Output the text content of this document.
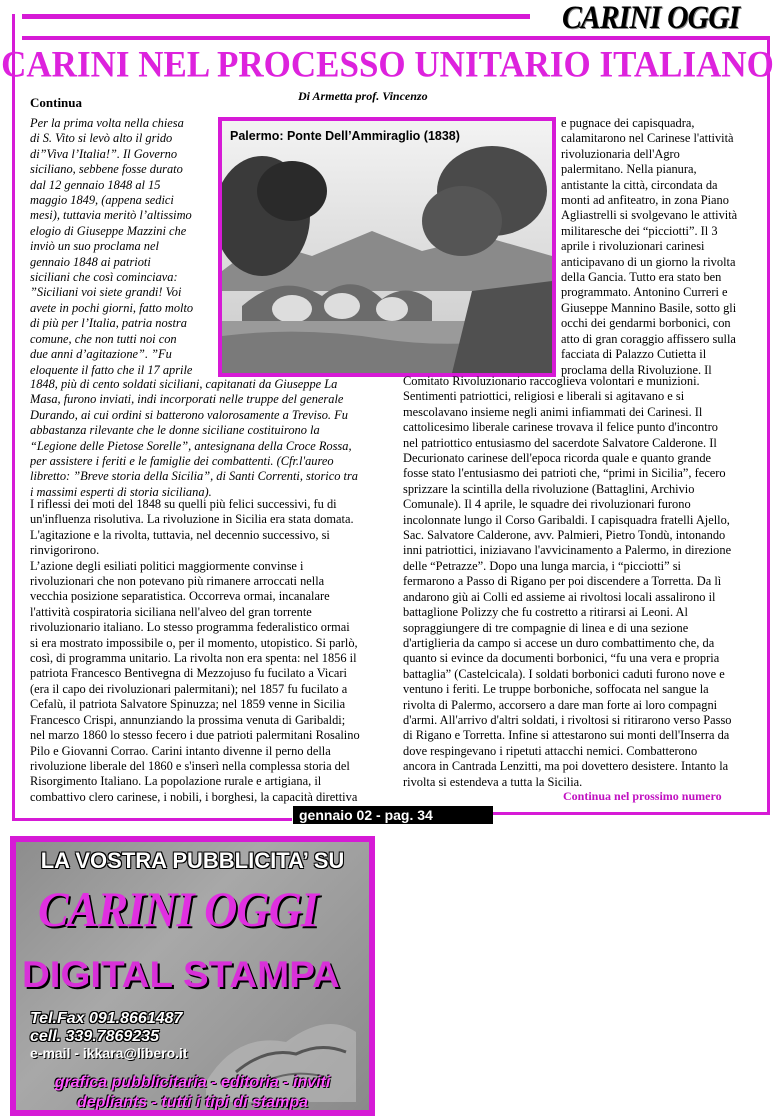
CARINI OGGI
CARINI NEL PROCESSO UNITARIO ITALIANO
Continua	Di Armetta prof. Vincenzo
Palermo: Ponte Dell’Ammiraglio (1838)
Per la prima volta nella chiesa
di S. Vito si levò alto il grido
di”Viva l’Italia!”. Il Governo
siciliano, sebbene fosse durato
dal 12 gennaio 1848 al 15
maggio 1849, (appena sedici
mesi), tuttavia meritò l’altissimo
elogio di Giuseppe Mazzini che
inviò un suo proclama nel
gennaio 1848 ai patrioti
siciliani che così cominciava:
”Siciliani voi siete grandi! Voi
avete in pochi giorni, fatto molto
di più per l’Italia, patria nostra
comune, che non tutti noi con
due anni d’agitazione”. ”Fu
eloquente il fatto che il 17 aprile
1848, più di cento soldati siciliani, capitanati da Giuseppe La
Masa, furono inviati, indi incorporati nelle truppe del generale
Durando, ai cui ordini si batterono valorosamente a Treviso. Fu
abbastanza rilevante che le donne siciliane costituirono la
“Legione delle Pietose Sorelle”, antesignana della Croce Rossa,
per assistere i feriti e le famiglie dei combattenti. (Cfr.l'aureo
libretto: ”Breve storia della Sicilia”, di Santi Correnti, storico tra
i massimi esperti di storia siciliana).
I riflessi dei moti del 1848 su quelli più felici successivi, fu di
un'influenza risolutiva. La rivoluzione in Sicilia era stata domata.
L'agitazione e la rivolta, tuttavia, nel decennio successivo, si
rinvigorirono.
L’azione degli esiliati politici maggiormente convinse i
rivoluzionari che non potevano più rimanere arroccati nella
vecchia posizione separatistica. Occorreva ormai, incanalare
l'attività cospiratoria siciliana nell'alveo del gran torrente
rivoluzionario italiano. Lo stesso programma federalistico ormai
si era mostrato impossibile o, per il momento, utopistico. Si parlò,
così, di programma unitario. La rivolta non era spenta: nel 1856 il
patriota Francesco Bentivegna di Mezzojuso fu fucilato a Vicari
(era il capo dei rivoluzionari palermitani); nel 1857 fu fucilato a
Cefalù, il patriota Salvatore Spinuzza; nel 1859 venne in Sicilia
Francesco Crispi, annunziando la prossima venuta di Garibaldi;
nel marzo 1860 lo stesso fecero i due patrioti palermitani Rosalino
Pilo e Giovanni Corrao. Carini intanto divenne il perno della
rivoluzione liberale del 1860 e s'inserì nella complessa storia del
Risorgimento Italiano. La popolazione rurale e artigiana, il
combattivo clero carinese, i nobili, i borghesi, la capacità direttiva
e pugnace dei capisquadra,
calamitarono nel Carinese l'attività
rivoluzionaria dell'Agro
palermitano. Nella pianura,
antistante la città, circondata da
monti ad anfiteatro, in zona Piano
Agliastrelli si svolgevano le attività
militaresche dei “picciotti”. Il 3
aprile i rivoluzionari carinesi
anticipavano di un giorno la rivolta
della Gancia. Tutto era stato ben
programmato. Antonino Curreri e
Giuseppe Mannino Basile, sotto gli
occhi dei gendarmi borbonici, con
atto di gran coraggio affissero sulla
facciata di Palazzo Cutietta il
proclama della Rivoluzione. Il
Comitato Rivoluzionario raccoglieva volontari e munizioni.
Sentimenti patriottici, religiosi e liberali si agitavano e si
mescolavano insieme negli animi infiammati dei Carinesi. Il
cattolicesimo liberale carinese trovava il felice punto d'incontro
nel patriottico entusiasmo del sacerdote Salvatore Calderone. Il
Decurionato carinese dell'epoca ricorda quale e quanto grande
fosse stato l'entusiasmo dei patrioti che, “primi in Sicilia”, fecero
sprizzare la scintilla della rivoluzione (Battaglini, Archivio
Comunale). Il 4 aprile, le squadre dei rivoluzionari furono
incolonnate lungo il Corso Garibaldi. I capisquadra fratelli Ajello,
Sac. Salvatore Calderone, avv. Palmieri, Pietro Tondù, intonando
inni patriottici, iniziavano l'avvicinamento a Palermo, in direzione
delle “Petrazze”. Dopo una lunga marcia, i “picciotti” si
fermarono a Passo di Rigano per poi discendere a Torretta. Da lì
andarono giù ai Colli ed assieme ai rivoltosi locali assalirono il
battaglione Polizzy che fu costretto a ritirarsi ai Leoni. Al
sopraggiungere di tre compagnie di linea e di una sezione
d'artiglieria da campo si accese un duro combattimento che, da
quanto si evince da documenti borbonici, “fu una vera e propria
battaglia” (Castelcicala). I soldati borbonici caduti furono nove e
ventuno i feriti. Le truppe borboniche, soffocata nel sangue la
rivolta di Palermo, accorsero a dare man forte ai loro compagni
d'armi. All'arrivo d'altri soldati, i rivoltosi si ritirarono verso Passo
di Rigano e Torretta. Infine si attestarono sui monti dell'Inserra da
dove respingevano i ripetuti attacchi nemici. Combatterono
ancora in Cantrada Lenzitti, ma poi dovettero desistere. Intanto la
rivolta si estendeva a tutta la Sicilia.
Continua nel prossimo numero
gennaio 02 - pag. 34
LA VOSTRA PUBBLICITA’ SU
CARINI OGGI
DIGITAL STAMPA
Tel.Fax 091.8661487
cell. 339.7869235
e-mail - ikkara@libero.it
grafica pubblicitaria - editoria - inviti
depliants - tutti i tipi di stampa
